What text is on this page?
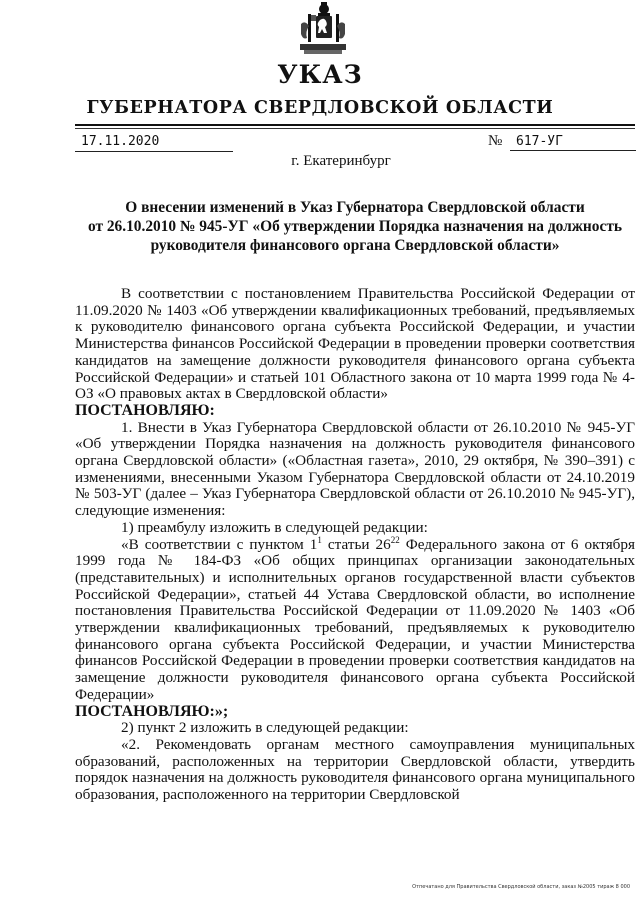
УКАЗ
ГУБЕРНАТОРА СВЕРДЛОВСКОЙ ОБЛАСТИ
17.11.2020	№	617-УГ
г. Екатеринбург
О внесении изменений в Указ Губернатора Свердловской области
от 26.10.2010 № 945-УГ «Об утверждении Порядка назначения на должность
руководителя финансового органа Свердловской области»

В соответствии с постановлением Правительства Российской Федерации от 11.09.2020 № 1403 «Об утверждении квалификационных требований, предъявляемых к руководителю финансового органа субъекта Российской Федерации, и участии Министерства финансов Российской Федерации в проведении проверки соответствия кандидатов на замещение должности руководителя финансового органа субъекта Российской Федерации» и статьей 101 Областного закона от 10 марта 1999 года № 4-ОЗ «О правовых актах в Свердловской области»

ПОСТАНОВЛЯЮ:

1. Внести в Указ Губернатора Свердловской области от 26.10.2010 № 945-УГ «Об утверждении Порядка назначения на должность руководителя финансового органа Свердловской области» («Областная газета», 2010, 29 октября, № 390–391) с изменениями, внесенными Указом Губернатора Свердловской области от 24.10.2019 № 503-УГ (далее – Указ Губернатора Свердловской области от 26.10.2010 № 945-УГ), следующие изменения:

1) преамбулу изложить в следующей редакции:

«В соответствии с пунктом $1^1$ статьи $26^{22}$ Федерального закона от 6 октября 1999 года № 184-ФЗ «Об общих принципах организации законодательных (представительных) и исполнительных органов государственной власти субъектов Российской Федерации», статьей 44 Устава Свердловской области, во исполнение постановления Правительства Российской Федерации от 11.09.2020 № 1403 «Об утверждении квалификационных требований, предъявляемых к руководителю финансового органа субъекта Российской Федерации, и участии Министерства финансов Российской Федерации в проведении проверки соответствия кандидатов на замещение должности руководителя финансового органа субъекта Российской Федерации»

ПОСТАНОВЛЯЮ:»;

2) пункт 2 изложить в следующей редакции:

«2. Рекомендовать органам местного самоуправления муниципальных образований, расположенных на территории Свердловской области, утвердить порядок назначения на должность руководителя финансового органа муниципального образования, расположенного на территории Свердловской

Отпечатано для Правительства Свердловской области, заказ №2005 тираж 8 000
